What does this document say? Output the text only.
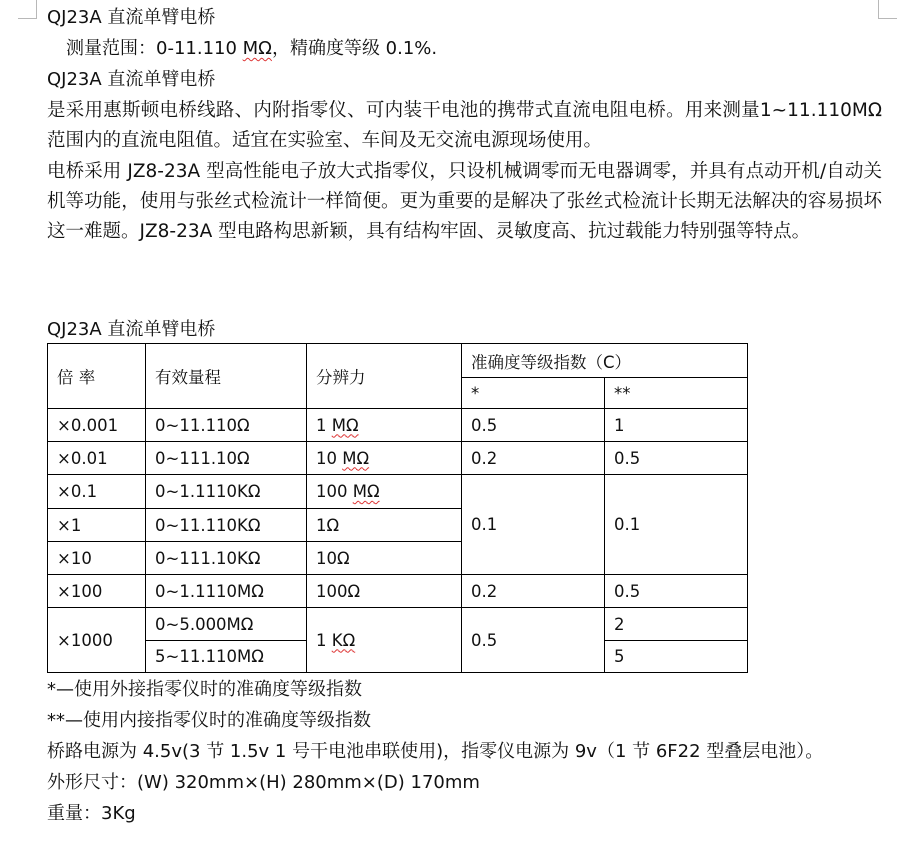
QJ23A 直流单臂电桥
测量范围：0-11.110 MΩ，精确度等级 0.1%.
QJ23A 直流单臂电桥
是采用惠斯顿电桥线路、内附指零仪、可内装干电池的携带式直流电阻电桥。用来测量1~11.110MΩ范围内的直流电阻值。适宜在实验室、车间及无交流电源现场使用。
电桥采用 JZ8-23A 型高性能电子放大式指零仪，只设机械调零而无电器调零，并具有点动开机/自动关机等功能，使用与张丝式检流计一样简便。更为重要的是解决了张丝式检流计长期无法解决的容易损坏这一难题。JZ8-23A 型电路构思新颖，具有结构牢固、灵敏度高、抗过载能力特别强等特点。
QJ23A 直流单臂电桥
倍 率	有效量程	分辨力	准确度等级指数（C）	
			*	**
×0.001	0~11.110Ω	1 MΩ	0.5	1
×0.01	0~111.10Ω	10 MΩ	0.2	0.5
×0.1	0~1.1110KΩ	100 MΩ	0.1	0.1
×1	0~11.110KΩ	1Ω		
×10	0~111.10KΩ	10Ω		
×100	0~1.1110MΩ	100Ω	0.2	0.5
×1000	0~5.000MΩ	1 KΩ	0.5	2
	5~11.110MΩ			5
*—使用外接指零仪时的准确度等级指数
**—使用内接指零仪时的准确度等级指数
桥路电源为 4.5v(3 节 1.5v 1 号干电池串联使用)，指零仪电源为 9v（1 节 6F22 型叠层电池）。
外形尺寸：(W) 320mm×(H) 280mm×(D) 170mm
重量：3Kg
